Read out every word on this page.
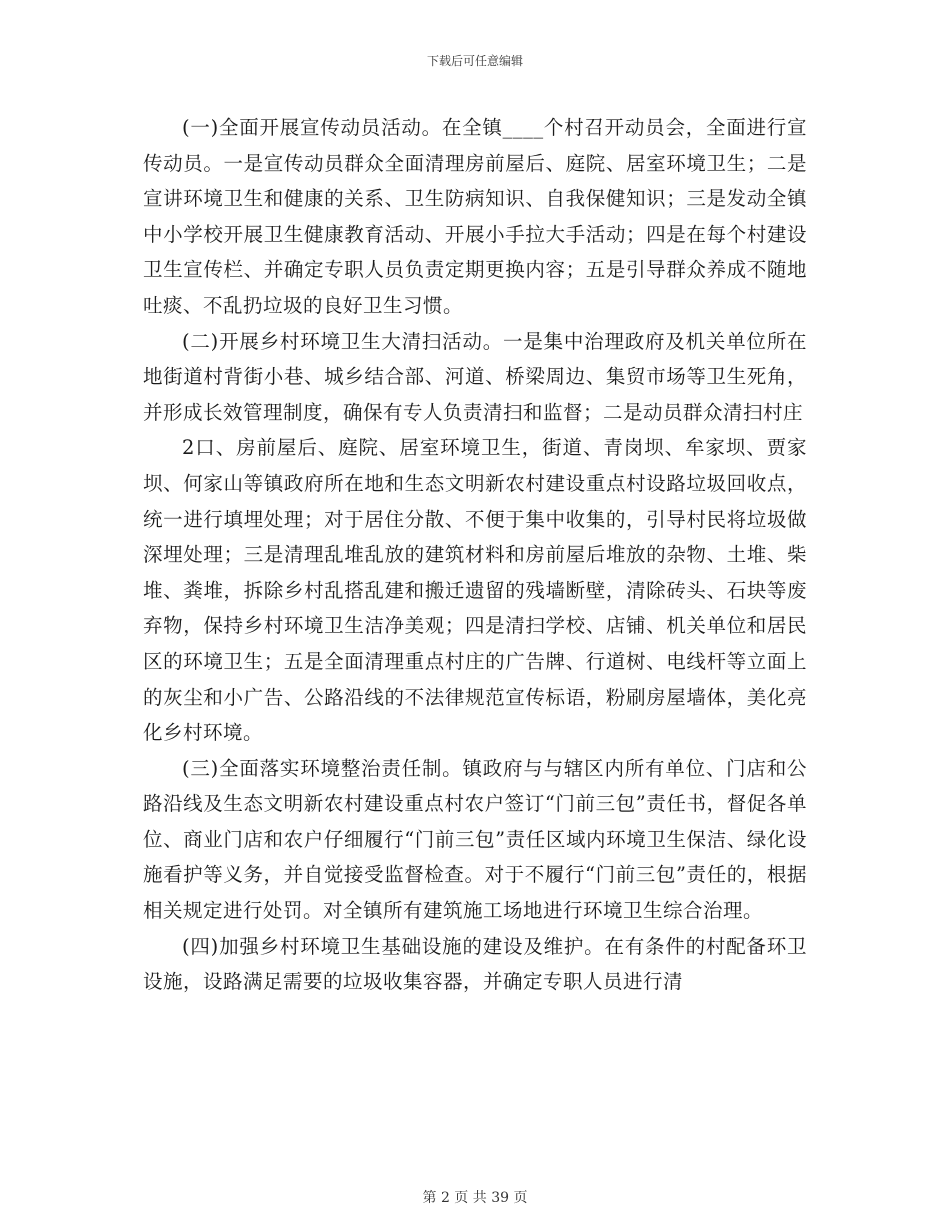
下载后可任意编辑

(一)全面开展宣传动员活动。在全镇____个村召开动员会，全面进行宣传动员。一是宣传动员群众全面清理房前屋后、庭院、居室环境卫生；二是宣讲环境卫生和健康的关系、卫生防病知识、自我保健知识；三是发动全镇中小学校开展卫生健康教育活动、开展小手拉大手活动；四是在每个村建设卫生宣传栏、并确定专职人员负责定期更换内容；五是引导群众养成不随地吐痰、不乱扔垃圾的良好卫生习惯。

(二)开展乡村环境卫生大清扫活动。一是集中治理政府及机关单位所在地街道村背街小巷、城乡结合部、河道、桥梁周边、集贸市场等卫生死角，并形成长效管理制度，确保有专人负责清扫和监督；二是动员群众清扫村庄

2口、房前屋后、庭院、居室环境卫生，街道、青岗坝、牟家坝、贾家坝、何家山等镇政府所在地和生态文明新农村建设重点村设路垃圾回收点，统一进行填埋处理；对于居住分散、不便于集中收集的，引导村民将垃圾做深埋处理；三是清理乱堆乱放的建筑材料和房前屋后堆放的杂物、土堆、柴堆、粪堆，拆除乡村乱搭乱建和搬迁遗留的残墙断壁，清除砖头、石块等废弃物，保持乡村环境卫生洁净美观；四是清扫学校、店铺、机关单位和居民区的环境卫生；五是全面清理重点村庄的广告牌、行道树、电线杆等立面上的灰尘和小广告、公路沿线的不法律规范宣传标语，粉刷房屋墙体，美化亮化乡村环境。

(三)全面落实环境整治责任制。镇政府与与辖区内所有单位、门店和公路沿线及生态文明新农村建设重点村农户签订“门前三包”责任书，督促各单位、商业门店和农户仔细履行“门前三包”责任区域内环境卫生保洁、绿化设施看护等义务，并自觉接受监督检查。对于不履行“门前三包”责任的，根据相关规定进行处罚。对全镇所有建筑施工场地进行环境卫生综合治理。

(四)加强乡村环境卫生基础设施的建设及维护。在有条件的村配备环卫设施，设路满足需要的垃圾收集容器，并确定专职人员进行清

第 2 页 共 39 页
